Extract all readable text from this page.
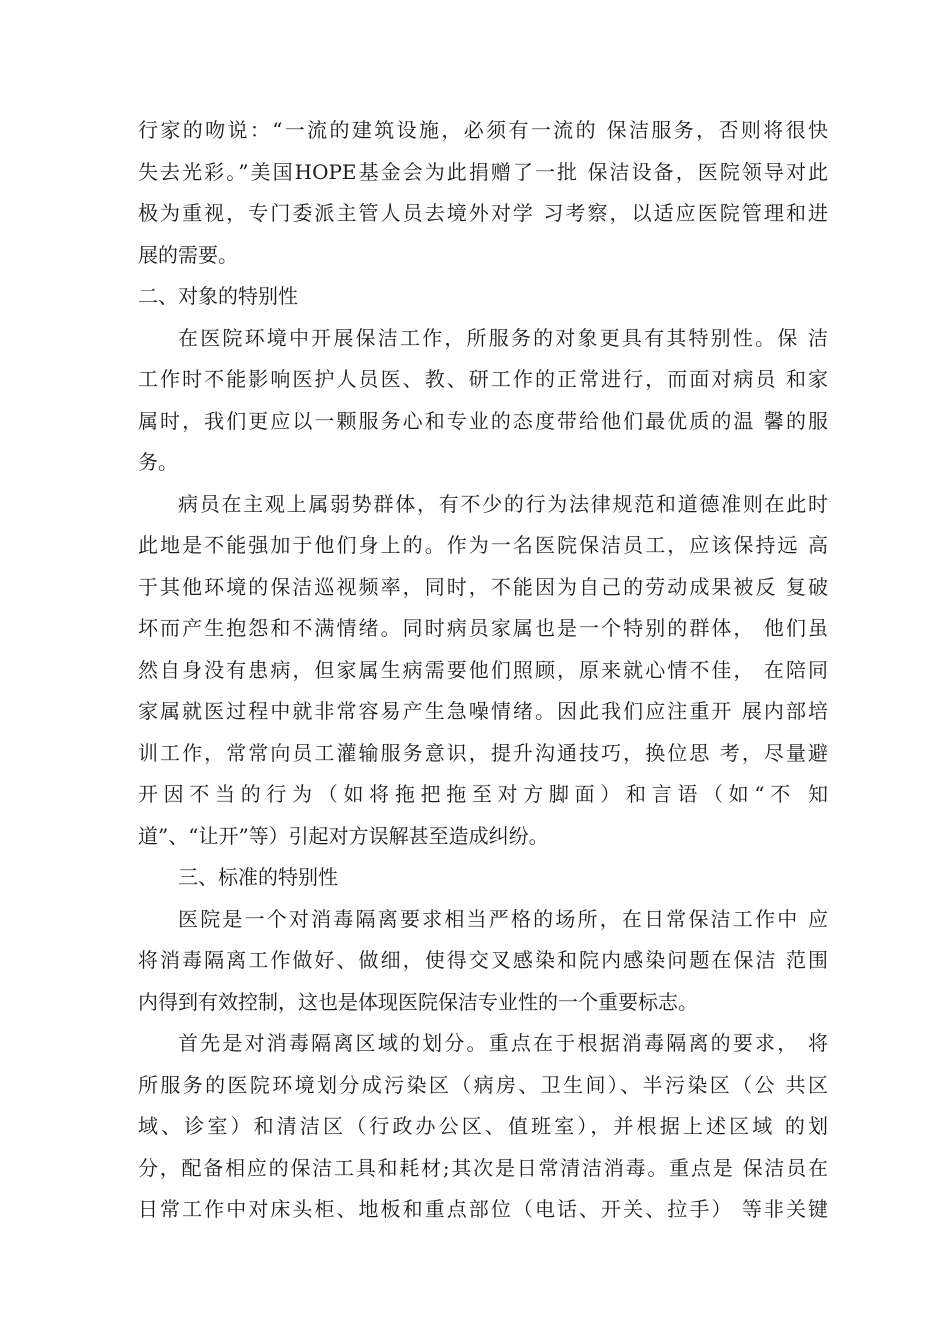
行家的吻说：“一流的建筑设施，必须有一流的 保洁服务，否则将很快
失去光彩。”美国HOPE基金会为此捐赠了一批 保洁设备，医院领导对此
极为重视，专门委派主管人员去境外对学 习考察，以适应医院管理和进
展的需要。
二、对象的特别性
在医院环境中开展保洁工作，所服务的对象更具有其特别性。保 洁
工作时不能影响医护人员医、教、研工作的正常进行，而面对病员 和家
属时，我们更应以一颗服务心和专业的态度带给他们最优质的温 馨的服
务。
病员在主观上属弱势群体，有不少的行为法律规范和道德准则在此时
此地是不能强加于他们身上的。作为一名医院保洁员工，应该保持远 高
于其他环境的保洁巡视频率，同时，不能因为自己的劳动成果被反 复破
坏而产生抱怨和不满情绪。同时病员家属也是一个特别的群体， 他们虽
然自身没有患病，但家属生病需要他们照顾，原来就心情不佳， 在陪同
家属就医过程中就非常容易产生急噪情绪。因此我们应注重开 展内部培
训工作，常常向员工灌输服务意识，提升沟通技巧，换位思 考，尽量避
开因不当的行为（如将拖把拖至对方脚面）和言语（如“不 知
道”、“让开”等）引起对方误解甚至造成纠纷。
三、标准的特别性
医院是一个对消毒隔离要求相当严格的场所，在日常保洁工作中 应
将消毒隔离工作做好、做细，使得交叉感染和院内感染问题在保洁 范围
内得到有效控制，这也是体现医院保洁专业性的一个重要标志。
首先是对消毒隔离区域的划分。重点在于根据消毒隔离的要求， 将
所服务的医院环境划分成污染区（病房、卫生间）、半污染区（公 共区
域、诊室）和清洁区（行政办公区、值班室），并根据上述区域 的划
分，配备相应的保洁工具和耗材;其次是日常清洁消毒。重点是 保洁员在
日常工作中对床头柜、地板和重点部位（电话、开关、拉手） 等非关键
